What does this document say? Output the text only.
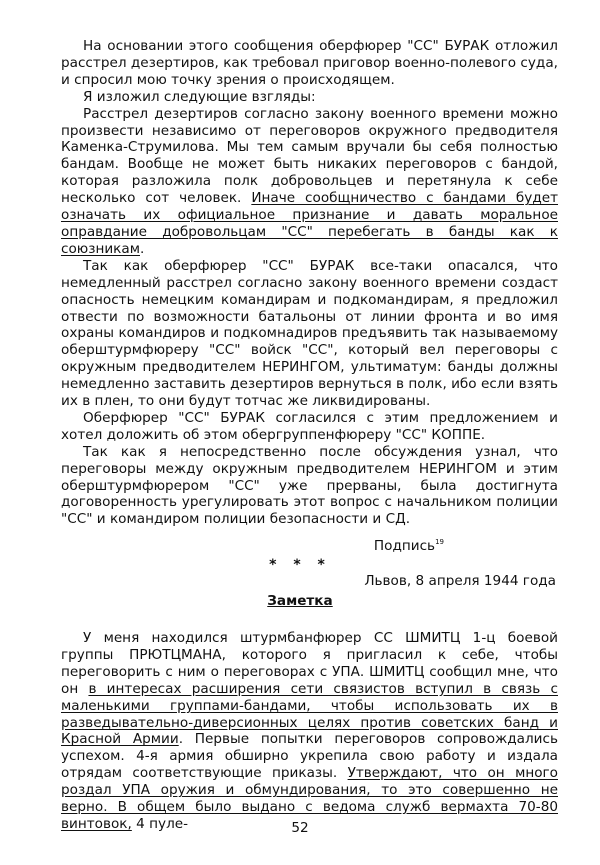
На основании этого сообщения оберфюрер "СС" БУРАК отложил расстрел дезертиров, как требовал приговор военно-полевого суда, и спросил мою точку зрения о происходящем.

Я изложил следующие взгляды:

Расстрел дезертиров согласно закону военного времени можно произвести независимо от переговоров окружного предводителя Каменка-Струмилова. Мы тем самым вручали бы себя полностью бандам. Вообще не может быть никаких переговоров с бандой, которая разложила полк добровольцев и перетянула к себе несколько сот человек. Иначе сообщничество с бандами будет означать их официальное признание и давать моральное оправдание добровольцам "СС" перебегать в банды как к союзникам.

Так как оберфюрер "СС" БУРАК все-таки опасался, что немедленный расстрел согласно закону военного времени создаст опасность немецким командирам и подкомандирам, я предложил отвести по возможности батальоны от линии фронта и во имя охраны командиров и подкомнадиров предъявить так называемому оберштурмфюреру "СС" войск "СС", который вел переговоры с окружным предводителем НЕРИНГОМ, ультиматум: банды должны немедленно заставить дезертиров вернуться в полк, ибо если взять их в плен, то они будут тотчас же ликвидированы.

Оберфюрер "СС" БУРАК согласился с этим предложением и хотел доложить об этом обергруппенфюреру "СС" КОППЕ.

Так как я непосредственно после обсуждения узнал, что переговоры между окружным предводителем НЕРИНГОМ и этим оберштурмфюрером "СС" уже прерваны, была достигнута договоренность урегулировать этот вопрос с начальником полиции "СС" и командиром полиции безопасности и СД.

Подпись$^{19}$
* * *
Львов, 8 апреля 1944 года
Заметка

У меня находился штурмбанфюрер СС ШМИТЦ 1-ц боевой группы ПРЮТЦМАНА, которого я пригласил к себе, чтобы переговорить с ним о переговорах с УПА. ШМИТЦ сообщил мне, что он в интересах расширения сети связистов вступил в связь с маленькими группами-бандами, чтобы использовать их в разведывательно-диверсионных целях против советских банд и Красной Армии. Первые попытки переговоров сопровождались успехом. 4-я армия обширно укрепила свою работу и издала отрядам соответствующие приказы. Утверждают, что он много роздал УПА оружия и обмундирования, то это совершенно не верно. В общем было выдано с ведома служб вермахта 70-80 винтовок, 4 пуле-	52
